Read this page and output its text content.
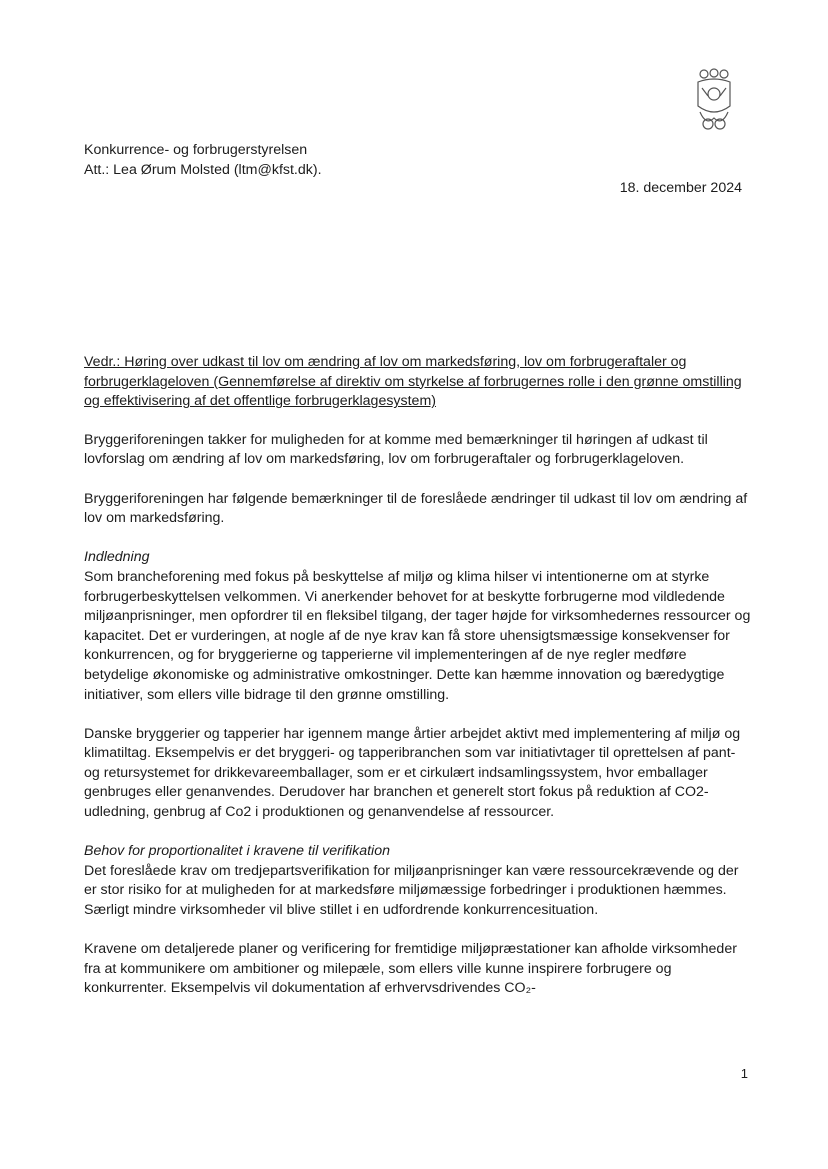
Konkurrence- og forbrugerstyrelsen
Att.: Lea Ørum Molsted (ltm@kfst.dk).
18. december 2024

Vedr.: Høring over udkast til lov om ændring af lov om markedsføring, lov om forbrugeraftaler og forbrugerklageloven (Gennemførelse af direktiv om styrkelse af forbrugernes rolle i den grønne omstilling og effektivisering af det offentlige forbrugerklagesystem)

Bryggeriforeningen takker for muligheden for at komme med bemærkninger til høringen af udkast til lovforslag om ændring af lov om markedsføring, lov om forbrugeraftaler og forbrugerklageloven.

Bryggeriforeningen har følgende bemærkninger til de foreslåede ændringer til udkast til lov om ændring af lov om markedsføring.

Indledning
Som brancheforening med fokus på beskyttelse af miljø og klima hilser vi intentionerne om at styrke forbrugerbeskyttelsen velkommen. Vi anerkender behovet for at beskytte forbrugerne mod vildledende miljøanprisninger, men opfordrer til en fleksibel tilgang, der tager højde for virksomhedernes ressourcer og kapacitet. Det er vurderingen, at nogle af de nye krav kan få store uhensigtsmæssige konsekvenser for konkurrencen, og for bryggerierne og tapperierne vil implementeringen af de nye regler medføre betydelige økonomiske og administrative omkostninger. Dette kan hæmme innovation og bæredygtige initiativer, som ellers ville bidrage til den grønne omstilling.

Danske bryggerier og tapperier har igennem mange årtier arbejdet aktivt med implementering af miljø og klimatiltag. Eksempelvis er det bryggeri- og tapperibranchen som var initiativtager til oprettelsen af pant- og retursystemet for drikkevareemballager, som er et cirkulært indsamlingssystem, hvor emballager genbruges eller genanvendes. Derudover har branchen et generelt stort fokus på reduktion af CO2-udledning, genbrug af Co2 i produktionen og genanvendelse af ressourcer.

Behov for proportionalitet i kravene til verifikation
Det foreslåede krav om tredjepartsverifikation for miljøanprisninger kan være ressourcekrævende og der er stor risiko for at muligheden for at markedsføre miljømæssige forbedringer i produktionen hæmmes. Særligt mindre virksomheder vil blive stillet i en udfordrende konkurrencesituation.

Kravene om detaljerede planer og verificering for fremtidige miljøpræstationer kan afholde virksomheder fra at kommunikere om ambitioner og milepæle, som ellers ville kunne inspirere forbrugere og konkurrenter. Eksempelvis vil dokumentation af erhvervsdrivendes CO₂-

1
